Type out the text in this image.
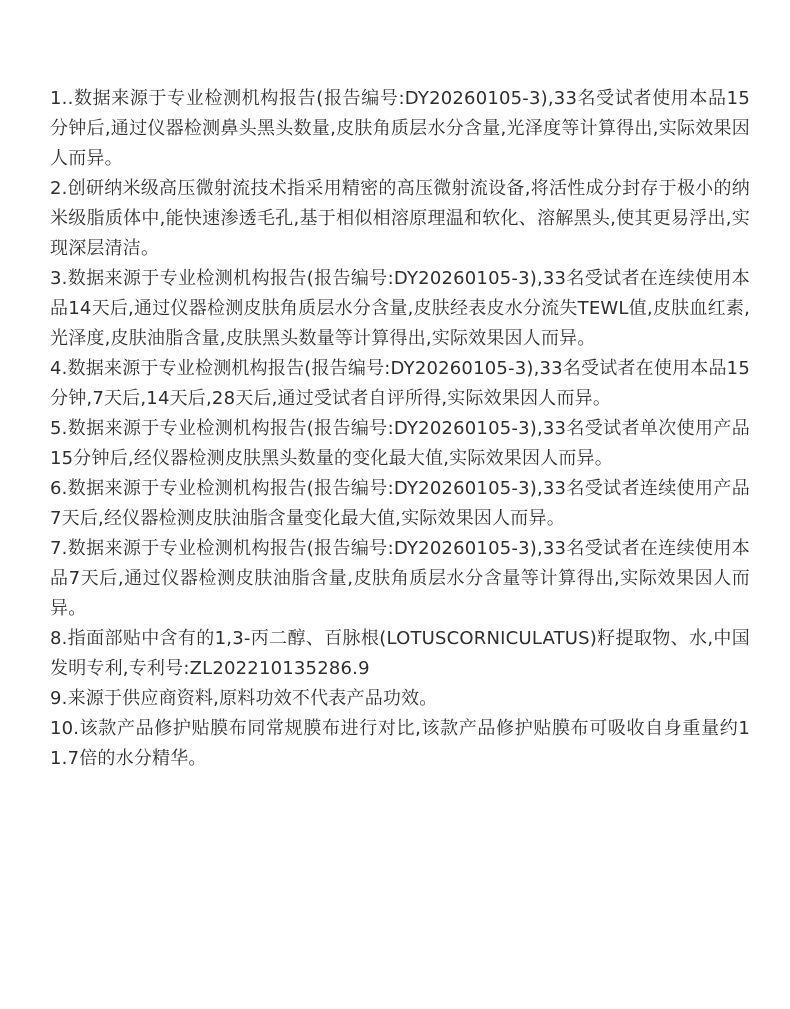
1..数据来源于专业检测机构报告(报告编号:DY20260105-3),33名受试者使用本品15分钟后,通过仪器检测鼻头黑头数量,皮肤角质层水分含量,光泽度等计算得出,实际效果因人而异。
2.创研纳米级高压微射流技术指采用精密的高压微射流设备,将活性成分封存于极小的纳米级脂质体中,能快速渗透毛孔,基于相似相溶原理温和软化、溶解黑头,使其更易浮出,实现深层清洁。
3.数据来源于专业检测机构报告(报告编号:DY20260105-3),33名受试者在连续使用本品14天后,通过仪器检测皮肤角质层水分含量,皮肤经表皮水分流失TEWL值,皮肤血红素,光泽度,皮肤油脂含量,皮肤黑头数量等计算得出,实际效果因人而异。
4.数据来源于专业检测机构报告(报告编号:DY20260105-3),33名受试者在使用本品15分钟,7天后,14天后,28天后,通过受试者自评所得,实际效果因人而异。
5.数据来源于专业检测机构报告(报告编号:DY20260105-3),33名受试者单次使用产品15分钟后,经仪器检测皮肤黑头数量的变化最大值,实际效果因人而异。
6.数据来源于专业检测机构报告(报告编号:DY20260105-3),33名受试者连续使用产品7天后,经仪器检测皮肤油脂含量变化最大值,实际效果因人而异。
7.数据来源于专业检测机构报告(报告编号:DY20260105-3),33名受试者在连续使用本品7天后,通过仪器检测皮肤油脂含量,皮肤角质层水分含量等计算得出,实际效果因人而异。
8.指面部贴中含有的1,3-丙二醇、百脉根(LOTUSCORNICULATUS)籽提取物、水,中国发明专利,专利号:ZL202210135286.9
9.来源于供应商资料,原料功效不代表产品功效。
10.该款产品修护贴膜布同常规膜布进行对比,该款产品修护贴膜布可吸收自身重量约11.7倍的水分精华。
